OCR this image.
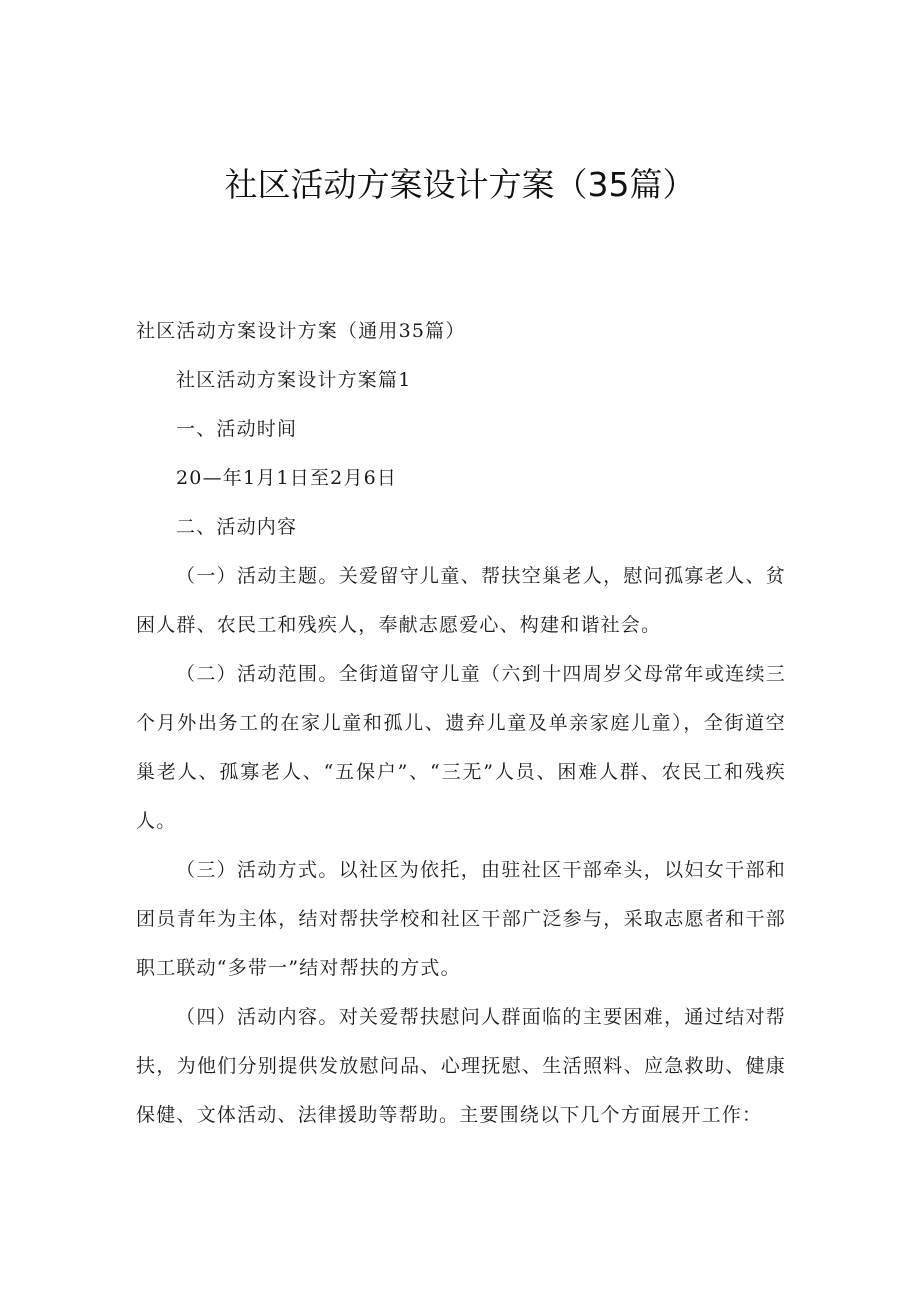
社区活动方案设计方案（35篇）
社区活动方案设计方案（通用35篇）
社区活动方案设计方案篇1
一、活动时间
20—年1月1日至2月6日
二、活动内容

（一）活动主题。关爱留守儿童、帮扶空巢老人，慰问孤寡老人、贫困人群、农民工和残疾人，奉献志愿爱心、构建和谐社会。

（二）活动范围。全街道留守儿童（六到十四周岁父母常年或连续三个月外出务工的在家儿童和孤儿、遗弃儿童及单亲家庭儿童），全街道空巢老人、孤寡老人、“五保户”、“三无”人员、困难人群、农民工和残疾人。

（三）活动方式。以社区为依托，由驻社区干部牵头，以妇女干部和团员青年为主体，结对帮扶学校和社区干部广泛参与，采取志愿者和干部职工联动“多带一”结对帮扶的方式。

（四）活动内容。对关爱帮扶慰问人群面临的主要困难，通过结对帮扶，为他们分别提供发放慰问品、心理抚慰、生活照料、应急救助、健康保健、文体活动、法律援助等帮助。主要围绕以下几个方面展开工作：
